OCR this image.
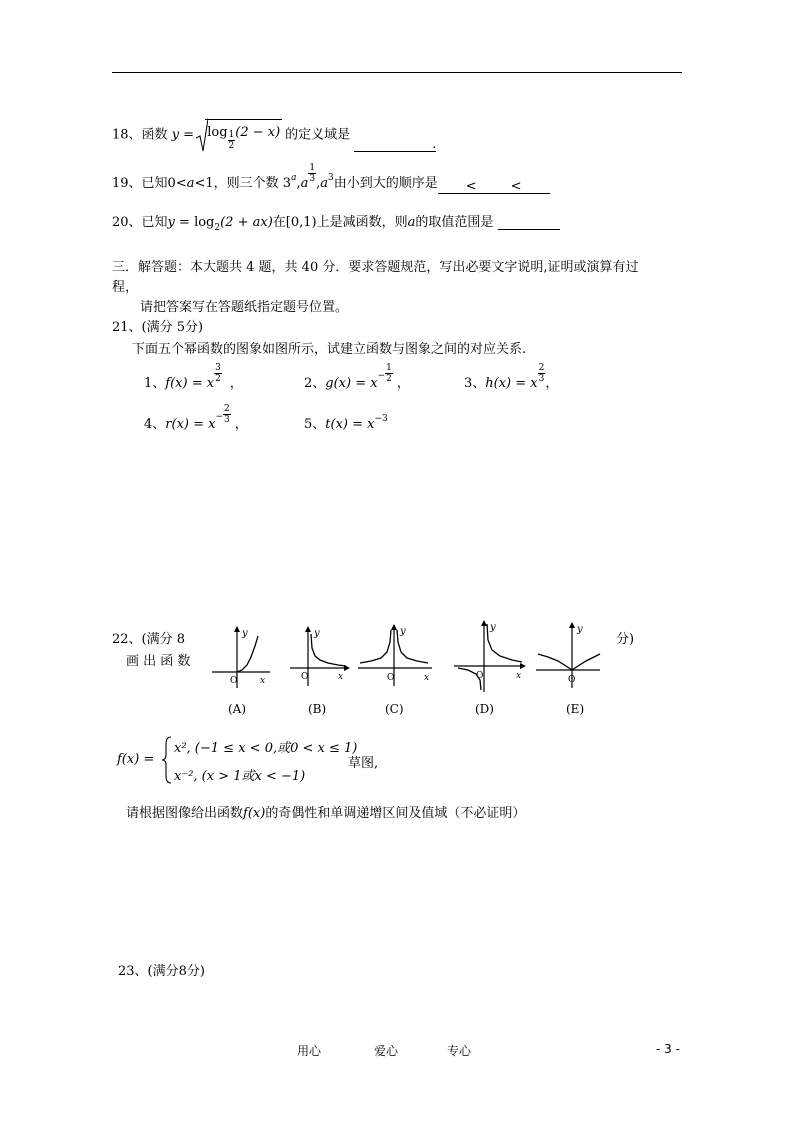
18、函数 $y = \log \frac{1}{2} (2 - x)$ 的定义域是 .
19、已知0<a<1，则三个数 $3^a,a \frac{1}{3} ,a^3$由小到大的顺序是 <	<
20、已知$y = \log_2(2 + ax)$在[0,1)上是减函数，则a的取值范围是
三．解答题：本大题共 4 题，共 40 分．要求答题规范，写出必要文字说明,证明或演算有过
程，
请把答案写在答题纸指定题号位置。
21、(满分 5分)
下面五个幂函数的图象如图所示，试建立函数与图象之间的对应关系.
1、f(x) = x $\frac{3}{2}$ ，	2、$g(x) = x^- \frac{1}{2}$ ，	3、h(x) = x $\frac{2}{3}$ ，
4、$r(x) = x^- \frac{2}{3}$ ，	5、$t(x) = x^{-3}$
22、(满分 8	分)
画 出 函 数
y
O	x
y
O	x
y
O	x
y
O	x
y
O
(A)	(B)	(C)	(D)	(E)
f(x) =
x², (−1 ≤ x < 0,或0 < x ≤ 1)
x⁻², (x > 1或x < −1)
草图,
请根据图像给出函数f(x)的奇偶性和单调递增区间及值域（不必证明）
23、(满分8分)
用心	爱心	专心	- 3 -
